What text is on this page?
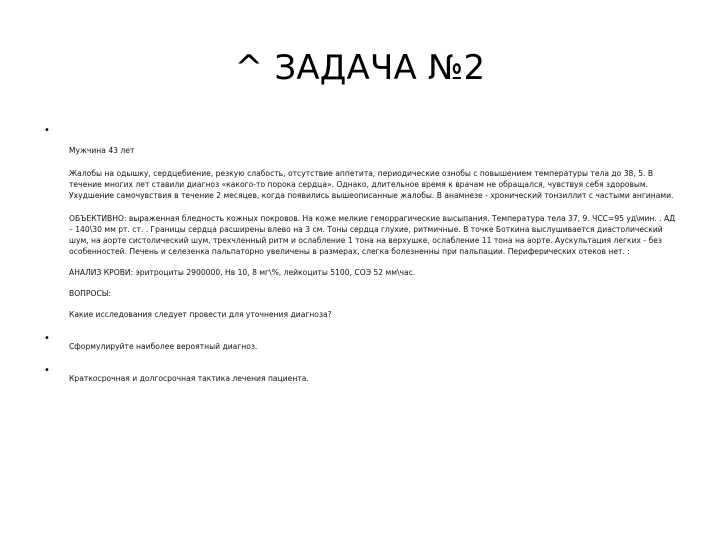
^ ЗАДАЧА №2
•
•
•

Мужчина 43 лет

Жалобы на одышку, сердцебиение, резкую слабость, отсутствие аппетита, периодические ознобы с повышением температуры тела до 38, 5. В течение многих лет ставили диагноз «какого-то порока сердца». Однако, длительное время к врачам не обращался, чувствуя себя здоровым. Ухудшение самочувствия в течение 2 месяцев, когда появились вышеописанные жалобы. В анамнезе - хронический тонзиллит с частыми ангинами.

ОБЪЕКТИВНО: выраженная бледность кожных покровов. На коже мелкие геморрагические высыпания. Температура тела 37, 9. ЧСС=95 уд\мин. . АД – 140\30 мм рт. ст. . Границы сердца расширены влево на 3 см. Тоны сердца глухие, ритмичные. В точке Боткина выслушивается диастолический шум, на аорте систолический шум, трехчленный ритм и ослабление 1 тона на верхушке, ослабление 11 тона на аорте. Аускультация легких - без особенностей. Печень и селезенка пальпаторно увеличены в размерах, слегка болезненны при пальпации. Периферических отеков нет. :

АНАЛИЗ КРОВИ: эритроциты 2900000, Hв 10, 8 мг\%, лейкоциты 5100, СОЭ 52 мм\час.

ВОПРОСЫ:

Какие исследования следует провести для уточнения диагноза?

Сформулируйте наиболее вероятный диагноз.
Краткосрочная и долгосрочная тактика лечения пациента.
